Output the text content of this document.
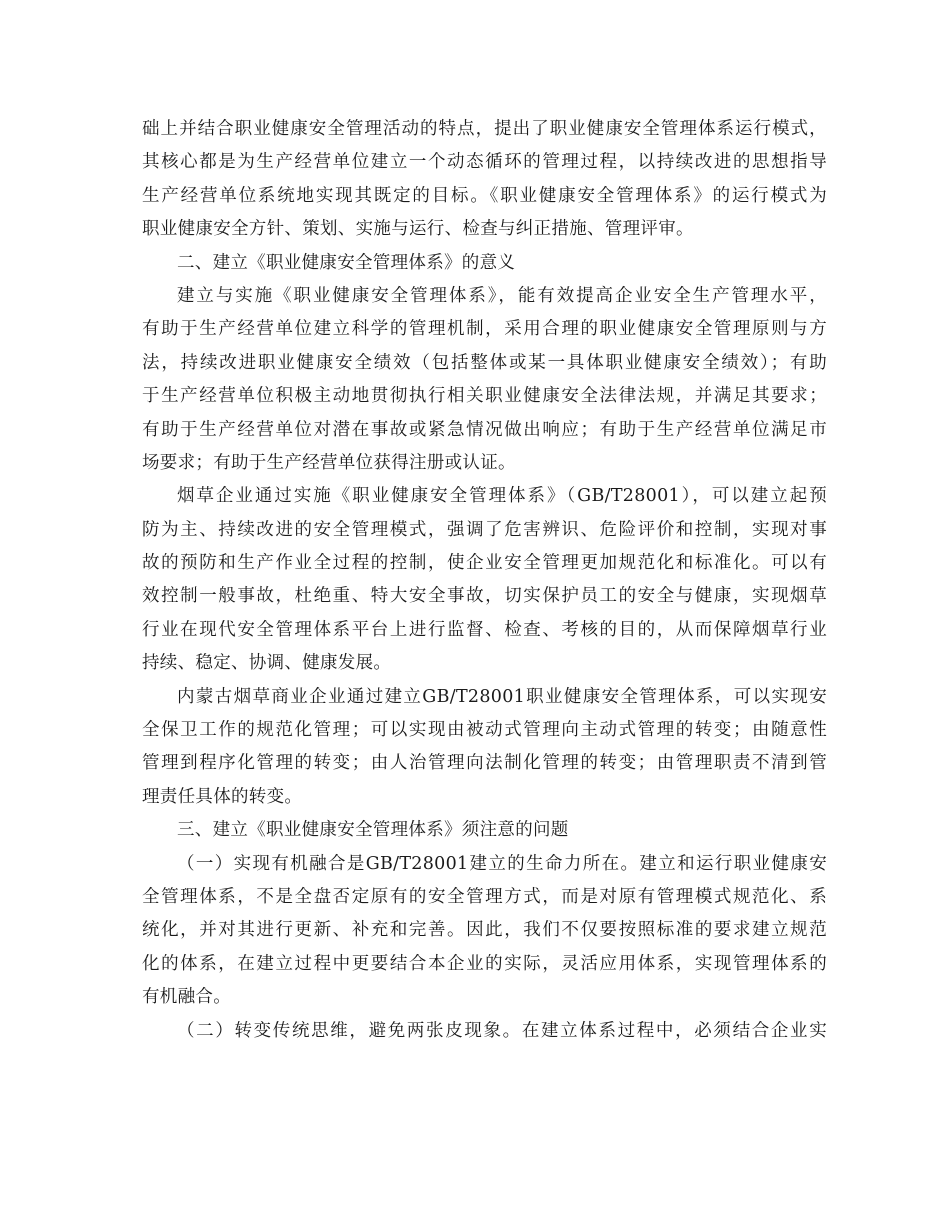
础上并结合职业健康安全管理活动的特点，提出了职业健康安全管理体系运行模式，
其核心都是为生产经营单位建立一个动态循环的管理过程，以持续改进的思想指导
生产经营单位系统地实现其既定的目标。《职业健康安全管理体系》的运行模式为
职业健康安全方针、策划、实施与运行、检查与纠正措施、管理评审。
二、建立《职业健康安全管理体系》的意义
建立与实施《职业健康安全管理体系》，能有效提高企业安全生产管理水平，
有助于生产经营单位建立科学的管理机制，采用合理的职业健康安全管理原则与方
法，持续改进职业健康安全绩效（包括整体或某一具体职业健康安全绩效）；有助
于生产经营单位积极主动地贯彻执行相关职业健康安全法律法规，并满足其要求；
有助于生产经营单位对潜在事故或紧急情况做出响应；有助于生产经营单位满足市
场要求；有助于生产经营单位获得注册或认证。
烟草企业通过实施《职业健康安全管理体系》（GB/T28001），可以建立起预
防为主、持续改进的安全管理模式，强调了危害辨识、危险评价和控制，实现对事
故的预防和生产作业全过程的控制，使企业安全管理更加规范化和标准化。可以有
效控制一般事故，杜绝重、特大安全事故，切实保护员工的安全与健康，实现烟草
行业在现代安全管理体系平台上进行监督、检查、考核的目的，从而保障烟草行业
持续、稳定、协调、健康发展。
内蒙古烟草商业企业通过建立GB/T28001职业健康安全管理体系，可以实现安
全保卫工作的规范化管理；可以实现由被动式管理向主动式管理的转变；由随意性
管理到程序化管理的转变；由人治管理向法制化管理的转变；由管理职责不清到管
理责任具体的转变。
三、建立《职业健康安全管理体系》须注意的问题
（一）实现有机融合是GB/T28001建立的生命力所在。建立和运行职业健康安
全管理体系，不是全盘否定原有的安全管理方式，而是对原有管理模式规范化、系
统化，并对其进行更新、补充和完善。因此，我们不仅要按照标准的要求建立规范
化的体系，在建立过程中更要结合本企业的实际，灵活应用体系，实现管理体系的
有机融合。
（二）转变传统思维，避免两张皮现象。在建立体系过程中，必须结合企业实
